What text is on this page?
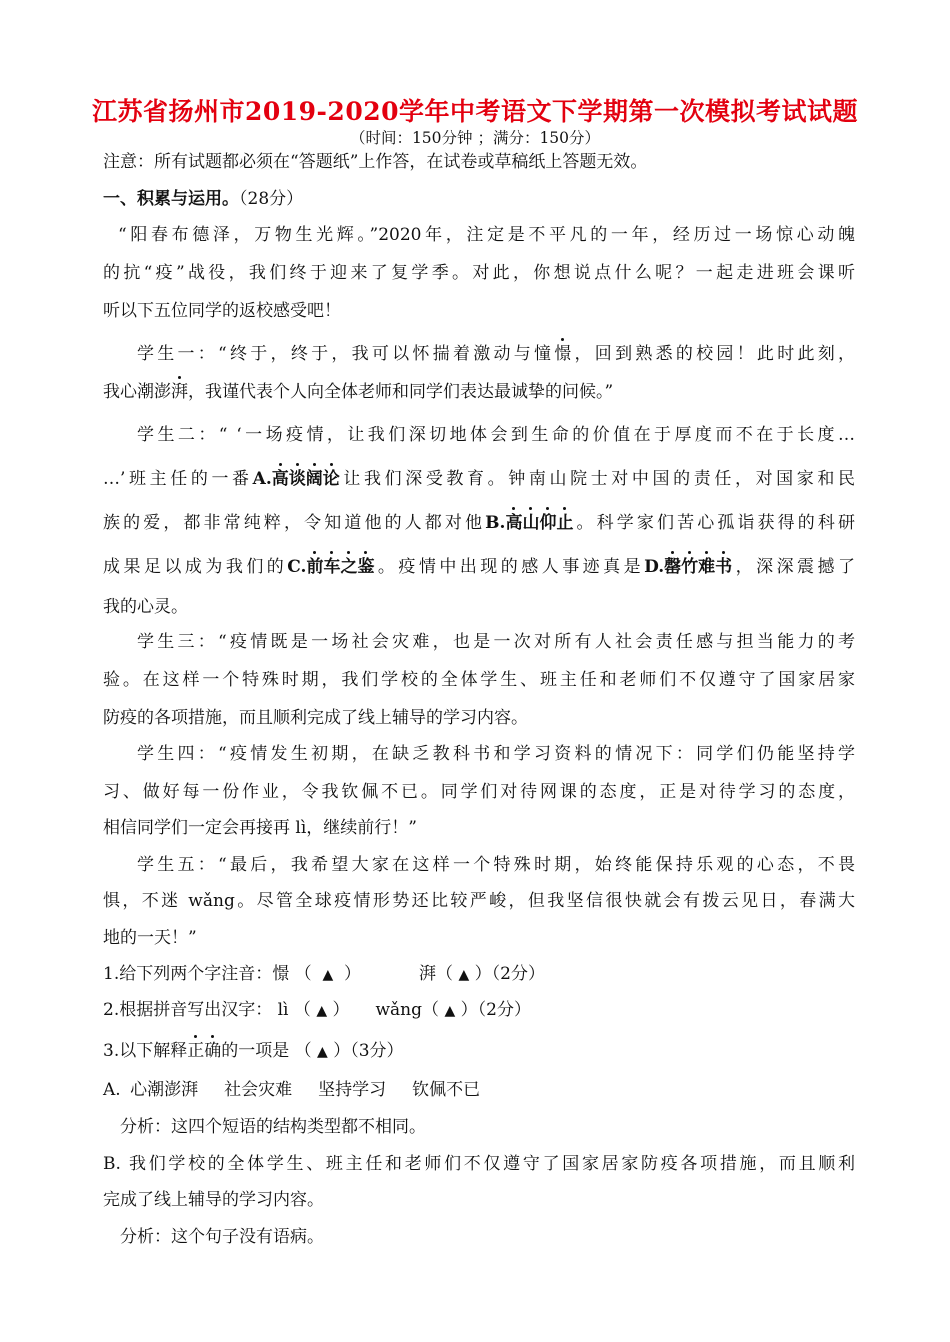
江苏省扬州市2019-2020学年中考语文下学期第一次模拟考试试题
（时间：150分钟 ；满分：150分）
注意：所有试题都必须在“答题纸”上作答，在试卷或草稿纸上答题无效。
一、积累与运用。（28分）
“阳春布德泽，万物生光辉。”2020年，注定是不平凡的一年，经历过一场惊心动魄
的抗“疫”战役，我们终于迎来了复学季。对此，你想说点什么呢？一起走进班会课听
听以下五位同学的返校感受吧！
学生一：“终于，终于，我可以怀揣着激动与憧憬，回到熟悉的校园！此时此刻，
我心潮澎湃，我谨代表个人向全体老师和同学们表达最诚挚的问候。”
学生二：“ ‘一场疫情，让我们深切地体会到生命的价值在于厚度而不在于长度…
…’班主任的一番A.高谈阔论让我们深受教育。钟南山院士对中国的责任，对国家和民
族的爱，都非常纯粹，令知道他的人都对他B.高山仰止。科学家们苦心孤诣获得的科研
成果足以成为我们的C.前车之鉴。疫情中出现的感人事迹真是D.罄竹难书，深深震撼了
我的心灵。
学生三：“疫情既是一场社会灾难，也是一次对所有人社会责任感与担当能力的考
验。在这样一个特殊时期，我们学校的全体学生、班主任和老师们不仅遵守了国家居家
防疫的各项措施，而且顺利完成了线上辅导的学习内容。
学生四：“疫情发生初期，在缺乏教科书和学习资料的情况下：同学们仍能坚持学
习、做好每一份作业，令我钦佩不已。同学们对待网课的态度，正是对待学习的态度，
相信同学们一定会再接再 lì，继续前行！”
学生五：“最后，我希望大家在这样一个特殊时期，始终能保持乐观的心态，不畏
惧，不迷 wǎng。尽管全球疫情形势还比较严峻，但我坚信很快就会有拨云见日，春满大
地的一天！”
1.给下列两个字注音：憬 （ ▲ ）	湃（ ▲ ）（2分）
2.根据拼音写出汉字： lì （ ▲ ） wǎng（ ▲ ）（2分）
3.以下解释正确的一项是 （ ▲ ）（3分）
A. 心潮澎湃 社会灾难 坚持学习 钦佩不已
分析：这四个短语的结构类型都不相同。
B. 我们学校的全体学生、班主任和老师们不仅遵守了国家居家防疫各项措施，而且顺利
完成了线上辅导的学习内容。
分析：这个句子没有语病。
